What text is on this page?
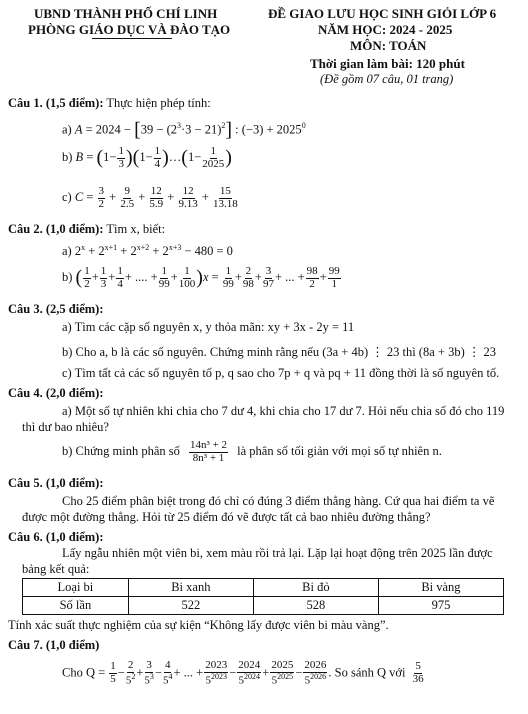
UBND THÀNH PHỐ CHÍ LINH
PHÒNG GIÁO DỤC VÀ ĐÀO TẠO
ĐỀ GIAO LƯU HỌC SINH GIỎI LỚP 6
NĂM HỌC: 2024 - 2025
MÔN: TOÁN
Thời gian làm bài: 120 phút
(Đề gồm 07 câu, 01 trang)
Câu 1. (1,5 điểm): Thực hiện phép tính:
a) $A = 2024 - [39 - (2^3\cdot 3 - 21)^2]$ : $(-3) + 2025^0$
b) $B = (1- \frac{1}{3} )(1- \frac{1}{4}$ )…(1− $\frac{1}{2025}$ )
c) $C = \frac{3}{2} + \frac{9}{2.5} + \frac{12}{5.9} + \frac{12}{9.13} + \frac{15}{13.18}$
Câu 2. (1,0 điểm): Tìm x, biết:
a) $2^x + 2^{x+1} + 2^{x+2} + 2^{x+3} - 480 = 0$
b) ( $\frac{1}{2} + \frac{1}{3} + \frac{1}{4}$ + .... + $\frac{1}{99} + \frac{1}{100} )x = \frac{1}{99} + \frac{2}{98} + \frac{3}{97}$ + ... + $\frac{98}{2} + \frac{99}{1}$
Câu 3. (2,5 điểm):
a) Tìm các cặp số nguyên x, y thỏa mãn: xy + 3x - 2y = 11
b) Cho a, b là các số nguyên. Chứng minh rằng nếu (3a + 4b) ⋮ 23 thì (8a + 3b) ⋮ 23
c) Tìm tất cả các số nguyên tố p, q sao cho 7p + q và pq + 11 đồng thời là số nguyên tố.
Câu 4. (2,0 điểm):

a) Một số tự nhiên khi chia cho 7 dư 4, khi chia cho 17 dư 7. Hỏi nếu chia số đó cho 119 thì dư bao nhiêu?

b) Chứng minh phân số $\frac{\text{14n³ + 2}}{\text{8n³ + 1}}$ là phân số tối giản với mọi số tự nhiên n.
Câu 5. (1,0 điểm):

Cho 25 điểm phân biệt trong đó chỉ có đúng 3 điểm thẳng hàng. Cứ qua hai điểm ta vẽ được một đường thẳng. Hỏi từ 25 điểm đó vẽ được tất cả bao nhiêu đường thẳng?

Câu 6. (1,0 điểm):

Lấy ngẫu nhiên một viên bi, xem màu rồi trả lại. Lặp lại hoạt động trên 2025 lần được bảng kết quả:

Loại bi	Bi xanh	Bi đỏ	Bi vàng
Số lần	522	528	975
Tính xác suất thực nghiệm của sự kiện “Không lấy được viên bi màu vàng”.
Câu 7. (1,0 điểm)
Cho $Q = \frac{1}{5} - \frac{2}{5^2} + \frac{3}{5^3} - \frac{4}{5^4}$ + ... + $\frac{2023}{5^{2023}} - \frac{2024}{5^{2024}} + \frac{2025}{5^{2025}} - \frac{2026}{5^{2026}}$ . So sánh Q với $\frac{5}{36}$
